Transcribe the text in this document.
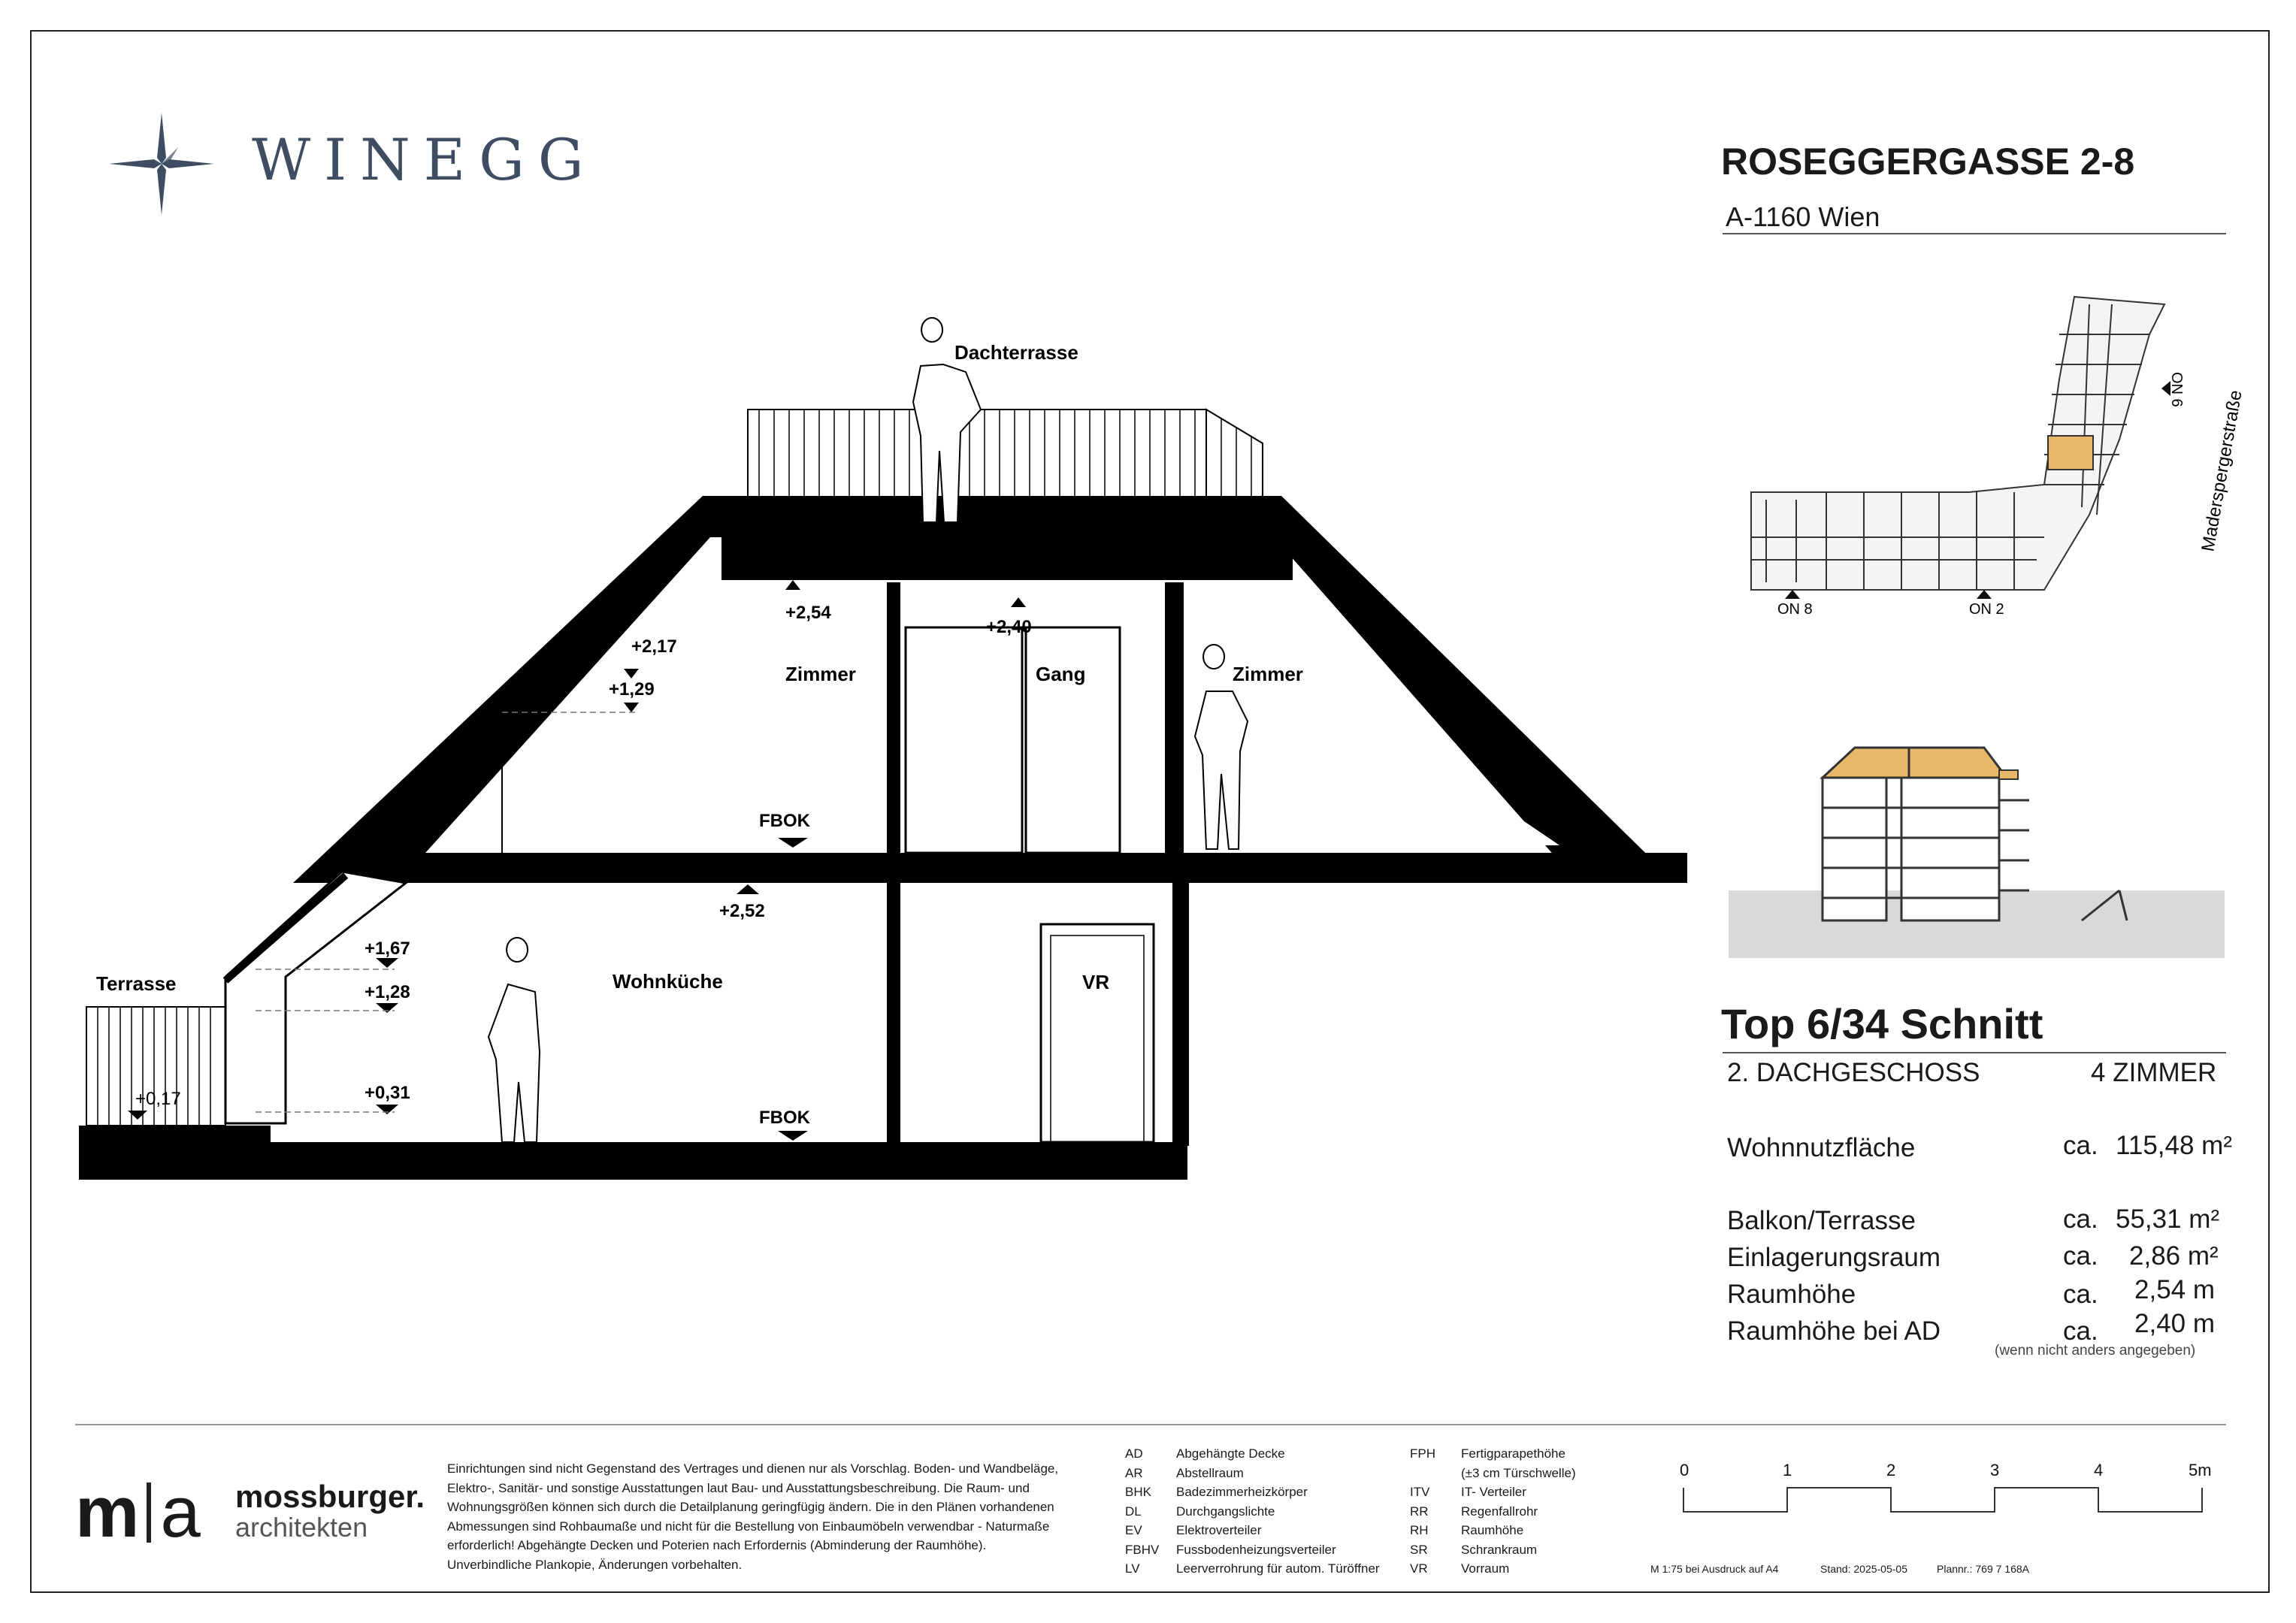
WINEGG	ROSEGGERGASSE 2-8
A-1160 Wien
ON 6 Maderspergerstraße
ON 8	ON 2
Top 6/34 Schnitt
2. DACHGESCHOSS	4 ZIMMER
Wohnnutzfläche	ca. 115,48 m²
Balkon/Terrasse	ca. 55,31 m²
Einlagerungsraum	ca. 2,86 m²
Raumhöhe	ca. 2,54 m
Raumhöhe bei AD	ca. 2,40 m
(wenn nicht anders angegeben)
Dachterrasse
Zimmer	Gang	Zimmer
Wohnküche	VR
Terrasse
+2,54
+2,40
+2,17
+1,29
FBOK
+2,52
+1,67
+1,28
+0,31
FBOK
+0,17
m a mossburger.
architekten
Einrichtungen sind nicht Gegenstand des Vertrages und dienen nur als Vorschlag. Boden- und Wandbeläge, Elektro-, Sanitär- und sonstige Ausstattungen laut Bau- und Ausstattungsbeschreibung. Die Raum- und Wohnungsgrößen können sich durch die Detailplanung geringfügig ändern. Die in den Plänen vorhandenen Abmessungen sind Rohbaumaße und nicht für die Bestellung von Einbaumöbeln verwendbar - Naturmaße erforderlich! Abgehängte Decken und Poterien nach Erfordernis (Abminderung der Raumhöhe). Unverbindliche Plankopie, Änderungen vorbehalten.
AD	Abgehängte Decke
AR	Abstellraum
BHK Badezimmerheizkörper
DL	Durchgangslichte
EV	Elektroverteiler
FBHV Fussbodenheizungsverteiler
LV	Leerverrohrung für autom. Türöffner
FPH Fertigparapethöhe
(±3 cm Türschwelle)
ITV IT- Verteiler
RR	Regenfallrohr
RH	Raumhöhe
SR	Schrankraum
VR	Vorraum
0	1	2	3	4	5m
M 1:75 bei Ausdruck auf A4	Stand: 2025-05-05	Plannr.: 769 7 168A
